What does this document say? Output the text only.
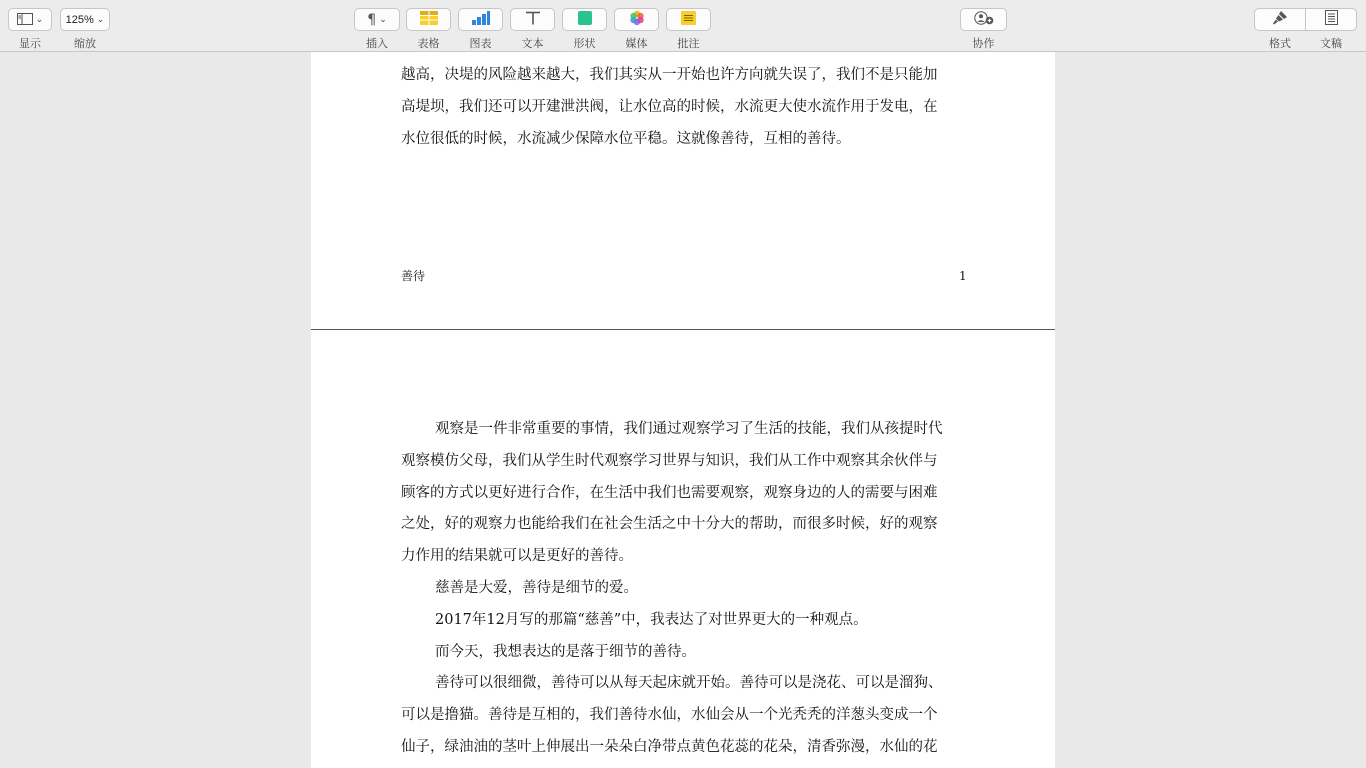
⌄
显示
125% ⌄
缩放
¶ ⌄
插入	表格	图表	文本	形状	媒体	批注	协作	格式	文稿
越高，决堤的风险越来越大，我们其实从一开始也许方向就失误了，我们不是只能加
高堤坝，我们还可以开建泄洪阀，让水位高的时候，水流更大使水流作用于发电，在
水位很低的时候，水流减少保障水位平稳。这就像善待，互相的善待。
善待	1
观察是一件非常重要的事情，我们通过观察学习了生活的技能，我们从孩提时代
观察模仿父母，我们从学生时代观察学习世界与知识，我们从工作中观察其余伙伴与
顾客的方式以更好进行合作，在生活中我们也需要观察，观察身边的人的需要与困难
之处，好的观察力也能给我们在社会生活之中十分大的帮助，而很多时候，好的观察
力作用的结果就可以是更好的善待。
慈善是大爱，善待是细节的爱。
2017年12月写的那篇“慈善”中，我表达了对世界更大的一种观点。
而今天，我想表达的是落于细节的善待。
善待可以很细微，善待可以从每天起床就开始。善待可以是浇花、可以是溜狗、
可以是撸猫。善待是互相的，我们善待水仙，水仙会从一个光秃秃的洋葱头变成一个
仙子，绿油油的茎叶上伸展出一朵朵白净带点黄色花蕊的花朵，清香弥漫，水仙的花
